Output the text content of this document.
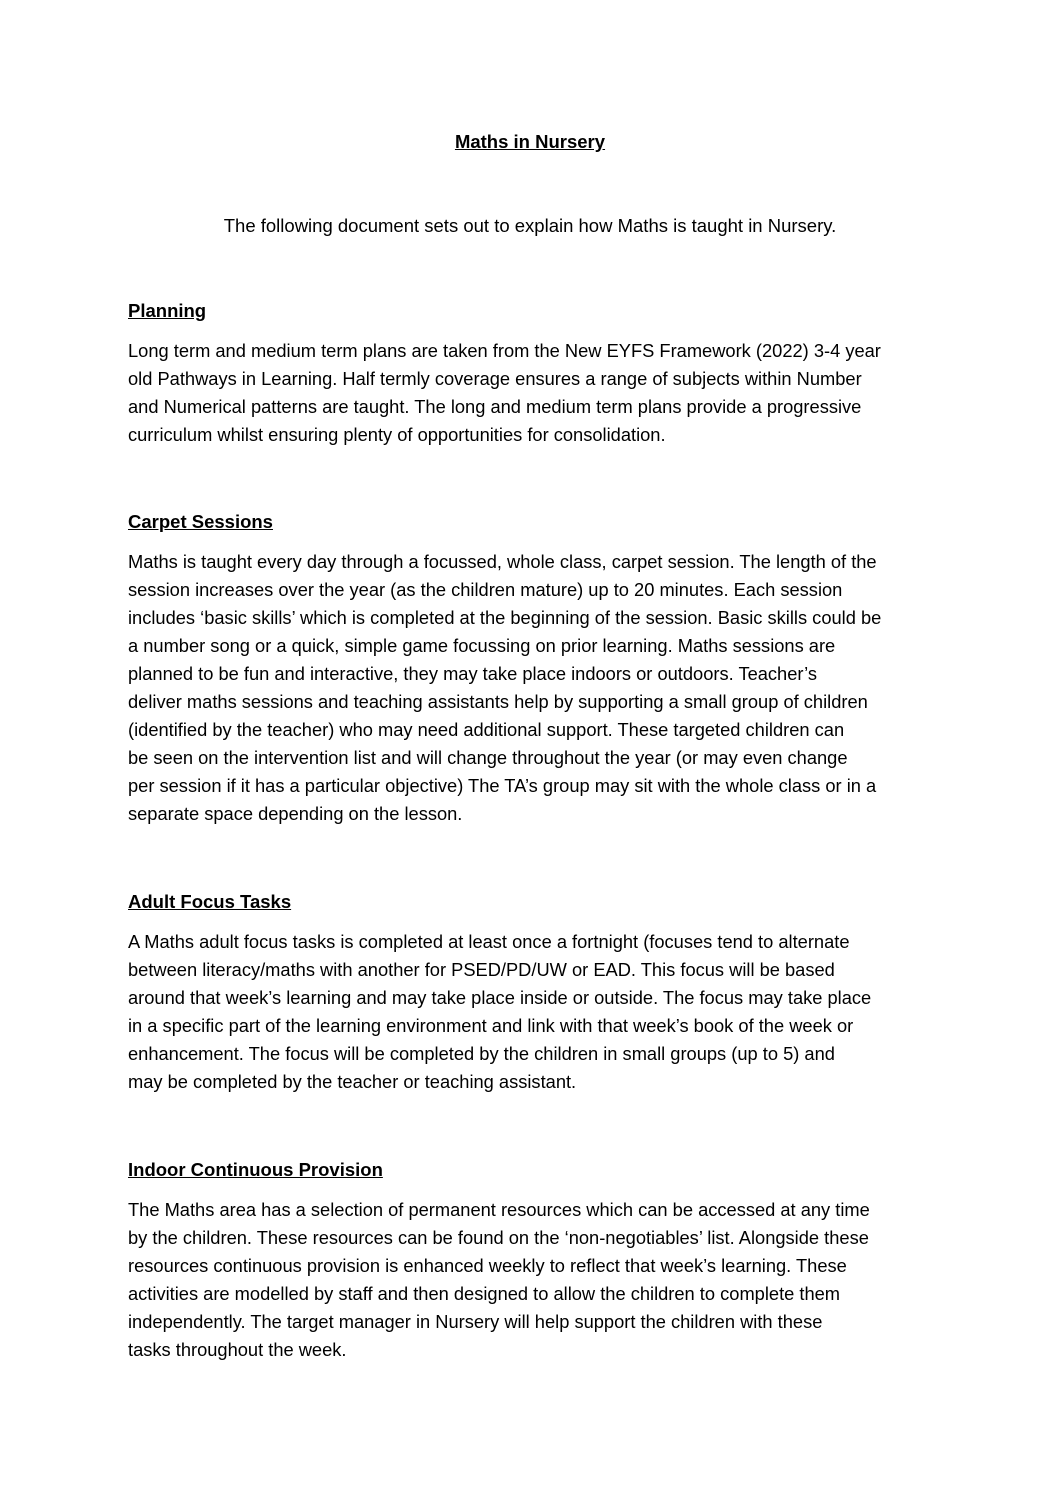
Maths in Nursery
The following document sets out to explain how Maths is taught in Nursery.

Planning

Long term and medium term plans are taken from the New EYFS Framework (2022) 3-4 year
old Pathways in Learning. Half termly coverage ensures a range of subjects within Number
and Numerical patterns are taught. The long and medium term plans provide a progressive
curriculum whilst ensuring plenty of opportunities for consolidation.

Carpet Sessions

Maths is taught every day through a focussed, whole class, carpet session. The length of the
session increases over the year (as the children mature) up to 20 minutes. Each session
includes ‘basic skills’ which is completed at the beginning of the session. Basic skills could be
a number song or a quick, simple game focussing on prior learning. Maths sessions are
planned to be fun and interactive, they may take place indoors or outdoors. Teacher’s
deliver maths sessions and teaching assistants help by supporting a small group of children
(identified by the teacher) who may need additional support. These targeted children can
be seen on the intervention list and will change throughout the year (or may even change
per session if it has a particular objective) The TA’s group may sit with the whole class or in a
separate space depending on the lesson.

Adult Focus Tasks

A Maths adult focus tasks is completed at least once a fortnight (focuses tend to alternate
between literacy/maths with another for PSED/PD/UW or EAD. This focus will be based
around that week’s learning and may take place inside or outside. The focus may take place
in a specific part of the learning environment and link with that week’s book of the week or
enhancement. The focus will be completed by the children in small groups (up to 5) and
may be completed by the teacher or teaching assistant.

Indoor Continuous Provision

The Maths area has a selection of permanent resources which can be accessed at any time
by the children. These resources can be found on the ‘non-negotiables’ list. Alongside these
resources continuous provision is enhanced weekly to reflect that week’s learning. These
activities are modelled by staff and then designed to allow the children to complete them
independently. The target manager in Nursery will help support the children with these
tasks throughout the week.
